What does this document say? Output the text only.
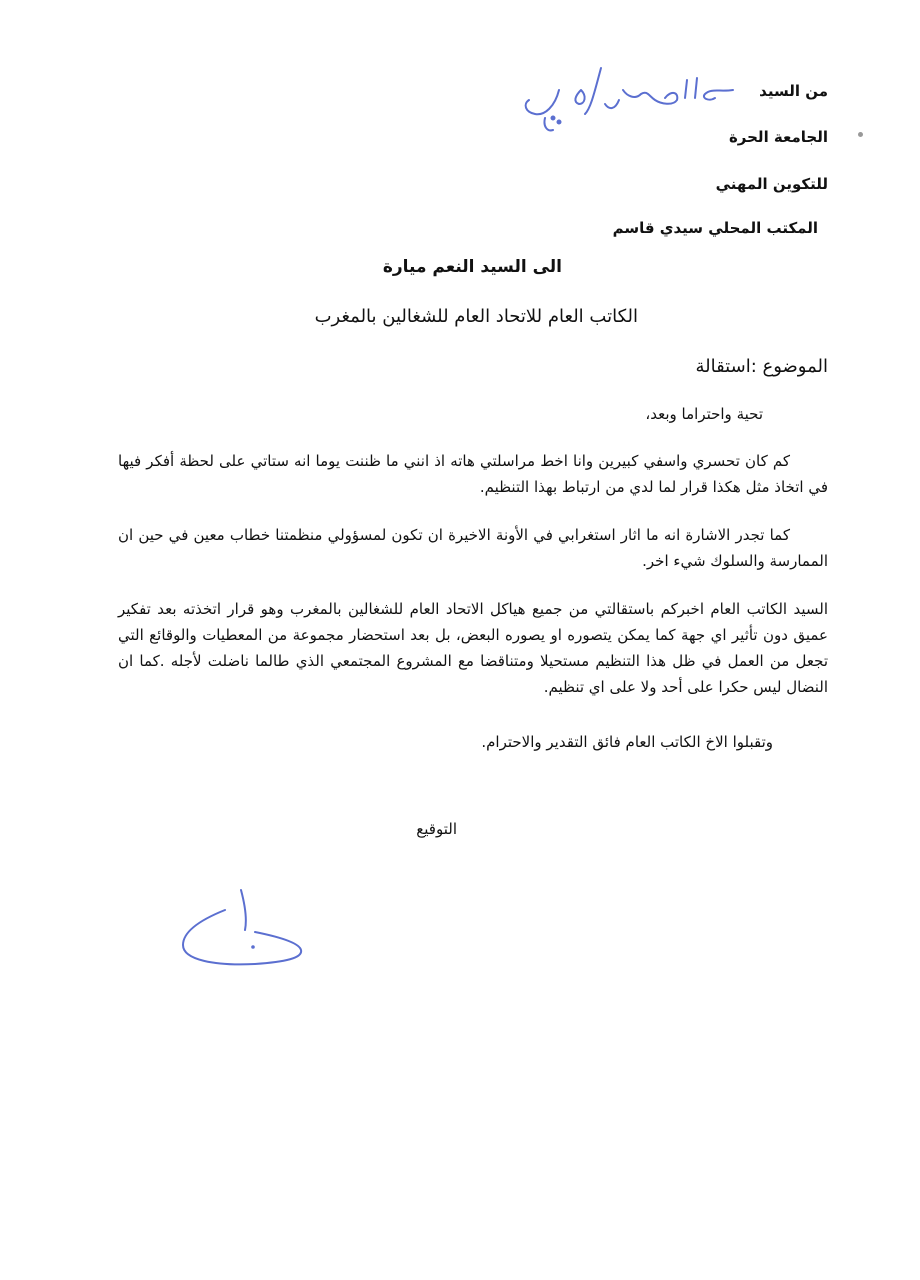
من السيد
الجامعة الحرة
للتكوين المهني
المكتب المحلي سيدي قاسم
الى السيد النعم ميارة
الكاتب العام للاتحاد العام للشغالين بالمغرب
الموضوع :استقالة
تحية واحتراما وبعد،
كم كان تحسري واسفي كبيرين وانا اخط مراسلتي هاته اذ انني ما ظننت يوما انه ستاتي على لحظة أفكر فيها في اتخاذ مثل هكذا قرار لما لدي من ارتباط بهذا التنظيم.
كما تجدر الاشارة انه ما اثار استغرابي في الأونة الاخيرة ان تكون لمسؤولي منظمتنا خطاب معين في حين ان الممارسة والسلوك شيء اخر.
السيد الكاتب العام اخبركم باستقالتي من جميع هياكل الاتحاد العام للشغالين بالمغرب وهو قرار اتخذته بعد تفكير عميق دون تأثير اي جهة كما يمكن يتصوره او يصوره البعض، بل بعد استحضار مجموعة من المعطيات والوقائع التي تجعل من العمل في ظل هذا التنظيم مستحيلا ومتناقضا مع المشروع المجتمعي الذي طالما ناضلت لأجله .كما ان النضال ليس حكرا على أحد ولا على اي تنظيم.
وتقبلوا الاخ الكاتب العام فائق التقدير والاحترام.
التوقيع
